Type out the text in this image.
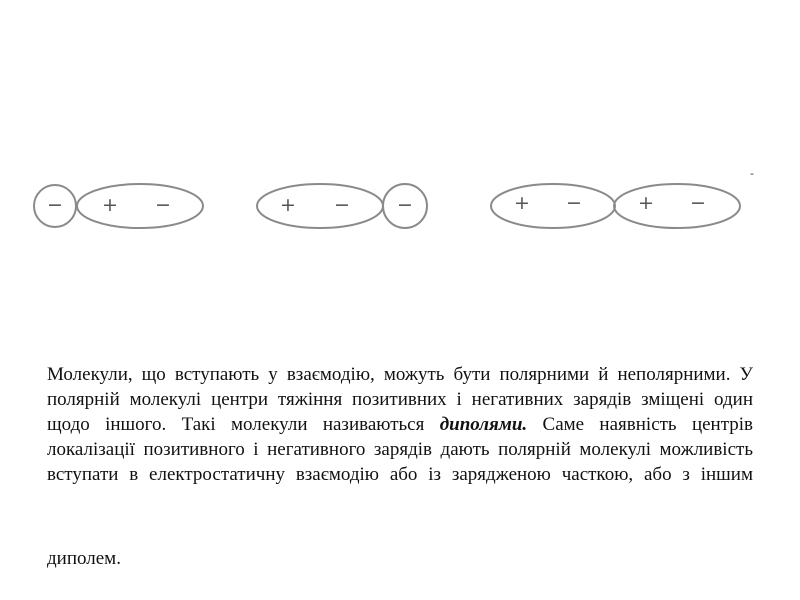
− + −	+ − −	+ −	+ −
-

Молекули, що вступають у взаємодію, можуть бути полярними й неполярними. У полярній молекулі центри тяжіння позитивних і негативних зарядів зміщені один щодо іншого. Такі молекули називаються диполями. Саме наявність центрів локалізації позитивного і негативного зарядів дають полярній молекулі можливість вступати в електростатичну взаємодію або із зарядженою часткою, або з іншим

диполем.
